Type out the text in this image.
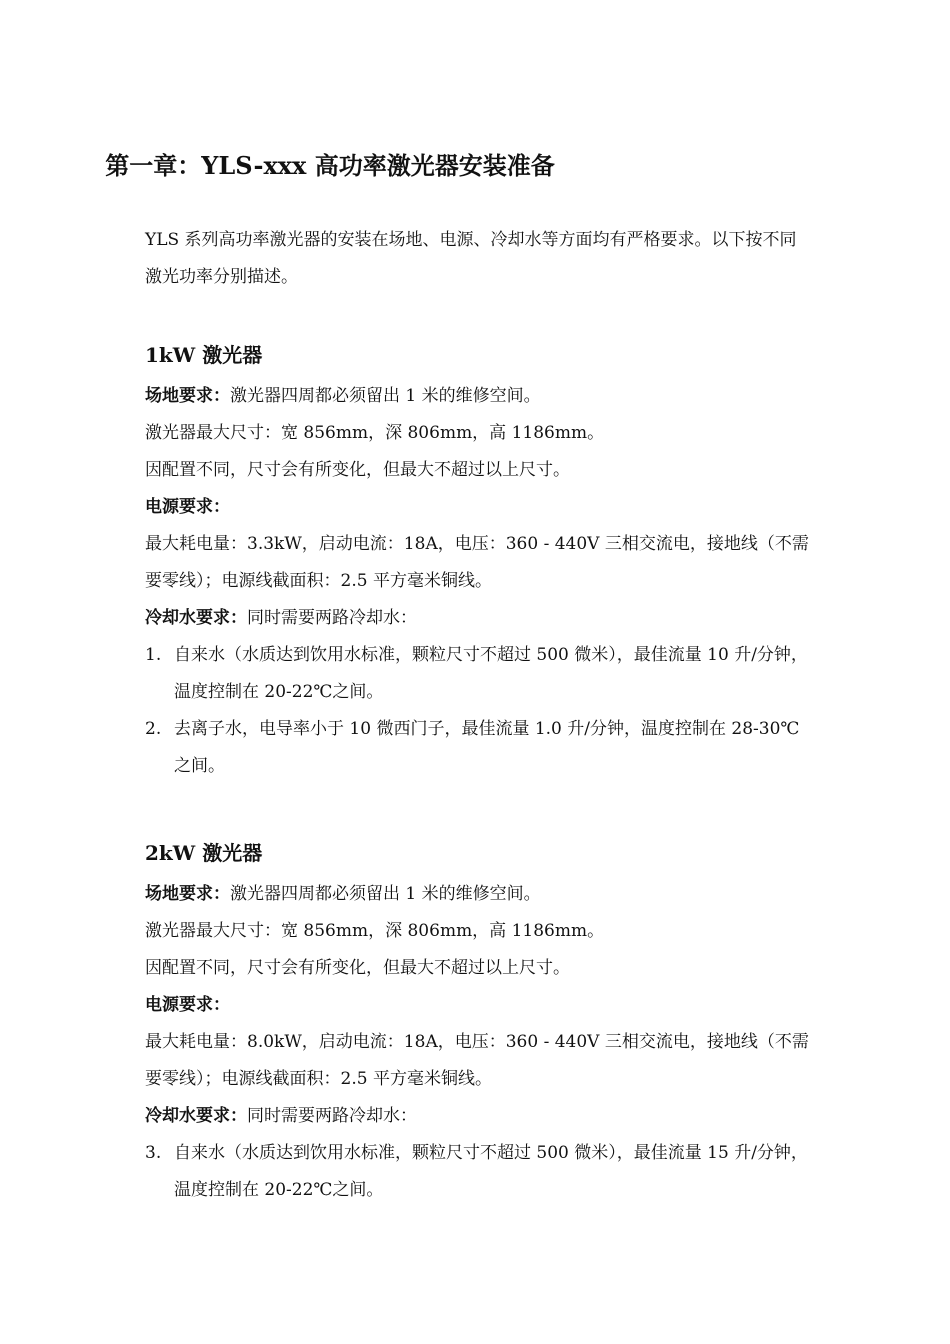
第一章：YLS-xxx 高功率激光器安装准备

YLS 系列高功率激光器的安装在场地、电源、冷却水等方面均有严格要求。以下按不同激光功率分别描述。

1kW 激光器

场地要求：激光器四周都必须留出 1 米的维修空间。

激光器最大尺寸：宽 856mm，深 806mm，高 1186mm。

因配置不同，尺寸会有所变化，但最大不超过以上尺寸。

电源要求：

最大耗电量：3.3kW，启动电流：18A，电压：360 - 440V 三相交流电，接地线（不需要零线）；电源线截面积：2.5 平方毫米铜线。

冷却水要求：同时需要两路冷却水：

1. 自来水（水质达到饮用水标准，颗粒尺寸不超过 500 微米），最佳流量 10 升/分钟，温度控制在 20-22℃之间。
2. 去离子水，电导率小于 10 微西门子，最佳流量 1.0 升/分钟，温度控制在 28-30℃之间。
2kW 激光器

场地要求：激光器四周都必须留出 1 米的维修空间。

激光器最大尺寸：宽 856mm，深 806mm，高 1186mm。

因配置不同，尺寸会有所变化，但最大不超过以上尺寸。

电源要求：

最大耗电量：8.0kW，启动电流：18A，电压：360 - 440V 三相交流电，接地线（不需要零线）；电源线截面积：2.5 平方毫米铜线。

冷却水要求：同时需要两路冷却水：

3. 自来水（水质达到饮用水标准，颗粒尺寸不超过 500 微米），最佳流量 15 升/分钟，温度控制在 20-22℃之间。
